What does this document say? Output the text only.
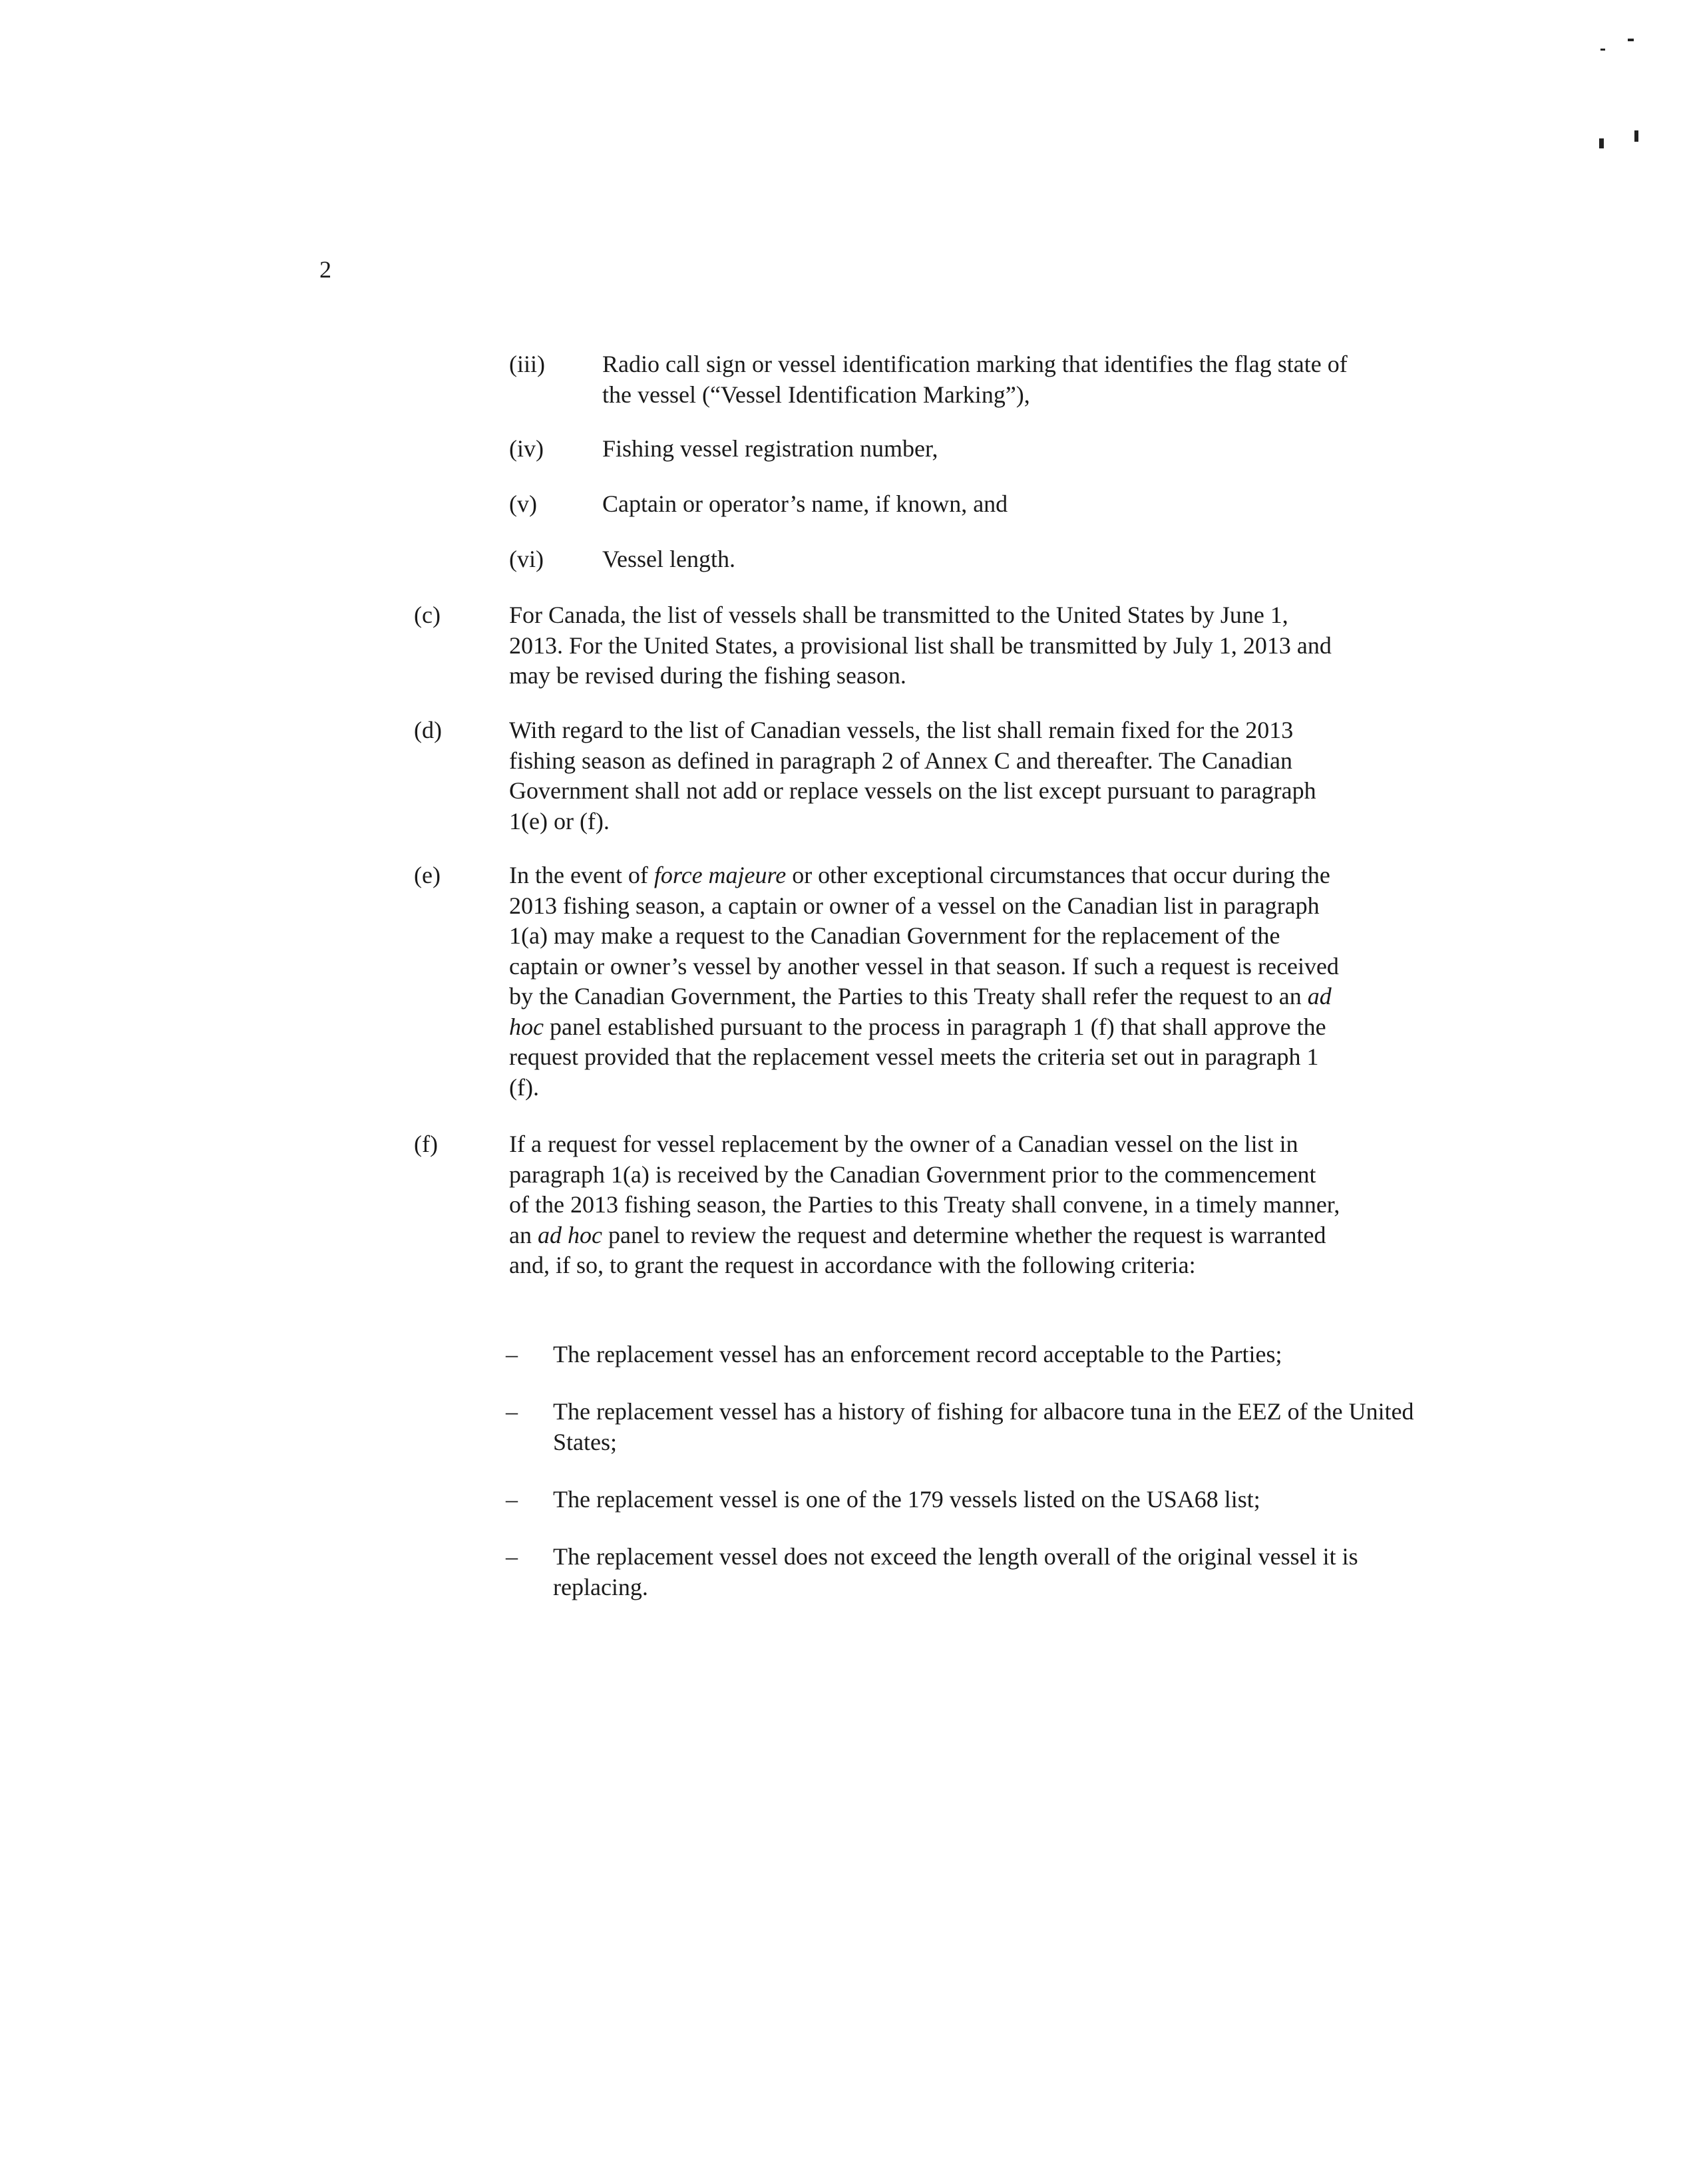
2
(iii) Radio call sign or vessel identification marking that identifies the flag state of the vessel (“Vessel Identification Marking”),
(iv) Fishing vessel registration number,
(v)	Captain or operator’s name, if known, and
(vi) Vessel length.
(c)	For Canada, the list of vessels shall be transmitted to the United States by June 1, 2013. For the United States, a provisional list shall be transmitted by July 1, 2013 and may be revised during the fishing season.
(d)	With regard to the list of Canadian vessels, the list shall remain fixed for the 2013 fishing season as defined in paragraph 2 of Annex C and thereafter. The Canadian Government shall not add or replace vessels on the list except pursuant to paragraph 1(e) or (f).
(e)	In the event of force majeure or other exceptional circumstances that occur during the 2013 fishing season, a captain or owner of a vessel on the Canadian list in paragraph 1(a) may make a request to the Canadian Government for the replacement of the captain or owner’s vessel by another vessel in that season. If such a request is received by the Canadian Government, the Parties to this Treaty shall refer the request to an ad hoc panel established pursuant to the process in paragraph 1 (f) that shall approve the request provided that the replacement vessel meets the criteria set out in paragraph 1 (f).
(f)	If a request for vessel replacement by the owner of a Canadian vessel on the list in paragraph 1(a) is received by the Canadian Government prior to the commencement of the 2013 fishing season, the Parties to this Treaty shall convene, in a timely manner, an ad hoc panel to review the request and determine whether the request is warranted and, if so, to grant the request in accordance with the following criteria:
– The replacement vessel has an enforcement record acceptable to the Parties;
– The replacement vessel has a history of fishing for albacore tuna in the EEZ of the United States;
– The replacement vessel is one of the 179 vessels listed on the USA68 list;
– The replacement vessel does not exceed the length overall of the original vessel it is replacing.
